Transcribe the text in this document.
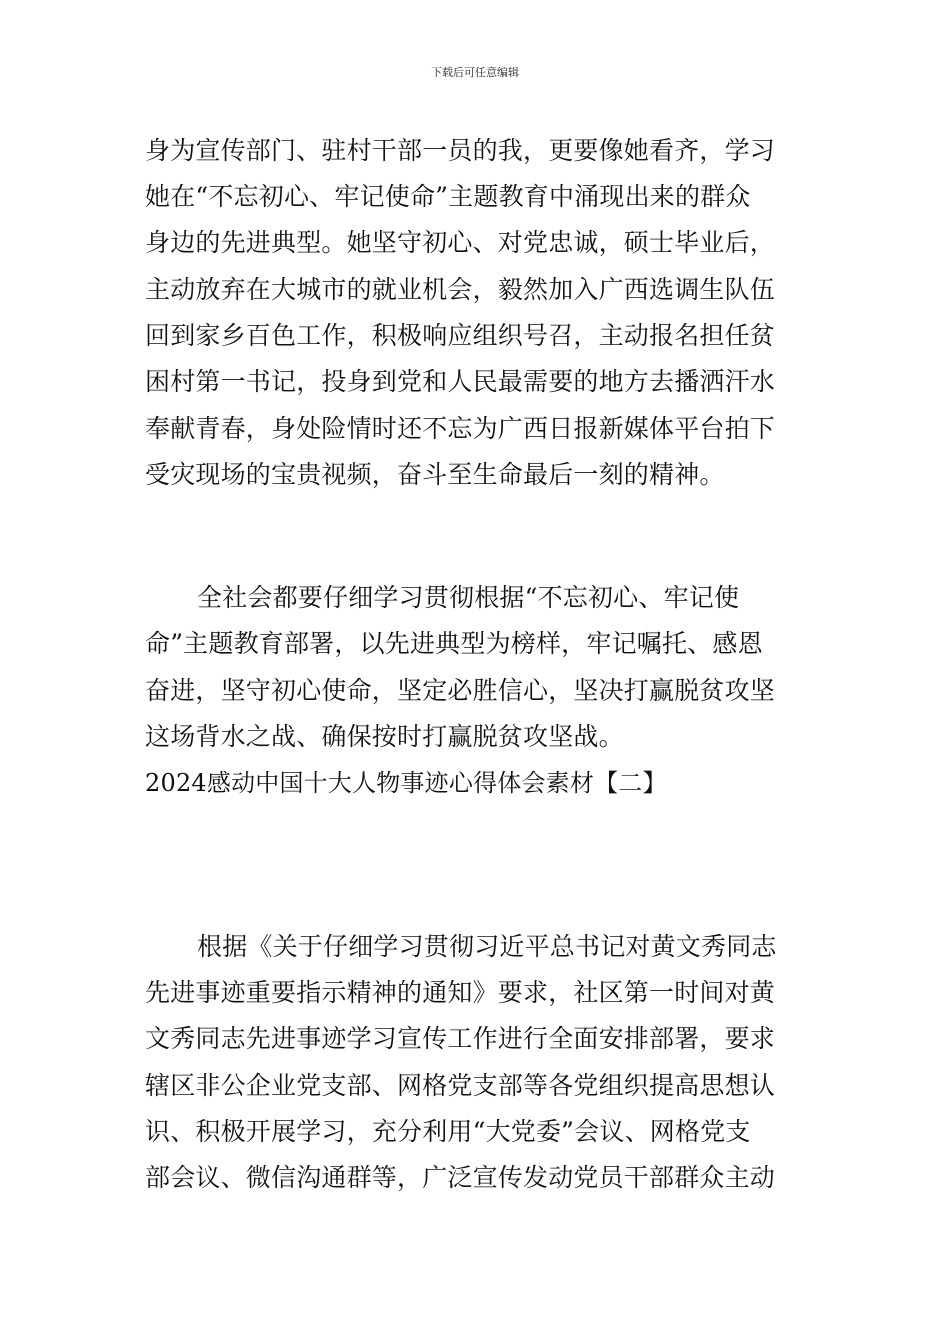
下载后可任意编辑
身为宣传部门、驻村干部一员的我，更要像她看齐，学习
她在“不忘初心、牢记使命”主题教育中涌现出来的群众
身边的先进典型。她坚守初心、对党忠诚，硕士毕业后，
主动放弃在大城市的就业机会，毅然加入广西选调生队伍
回到家乡百色工作，积极响应组织号召，主动报名担任贫
困村第一书记，投身到党和人民最需要的地方去播洒汗水
奉献青春，身处险情时还不忘为广西日报新媒体平台拍下
受灾现场的宝贵视频，奋斗至生命最后一刻的精神。
全社会都要仔细学习贯彻根据“不忘初心、牢记使
命”主题教育部署，以先进典型为榜样，牢记嘱托、感恩
奋进，坚守初心使命，坚定必胜信心，坚决打赢脱贫攻坚
这场背水之战、确保按时打赢脱贫攻坚战。
2024感动中国十大人物事迹心得体会素材【二】
根据《关于仔细学习贯彻习近平总书记对黄文秀同志
先进事迹重要指示精神的通知》要求，社区第一时间对黄
文秀同志先进事迹学习宣传工作进行全面安排部署，要求
辖区非公企业党支部、网格党支部等各党组织提高思想认
识、积极开展学习，充分利用“大党委”会议、网格党支
部会议、微信沟通群等，广泛宣传发动党员干部群众主动
